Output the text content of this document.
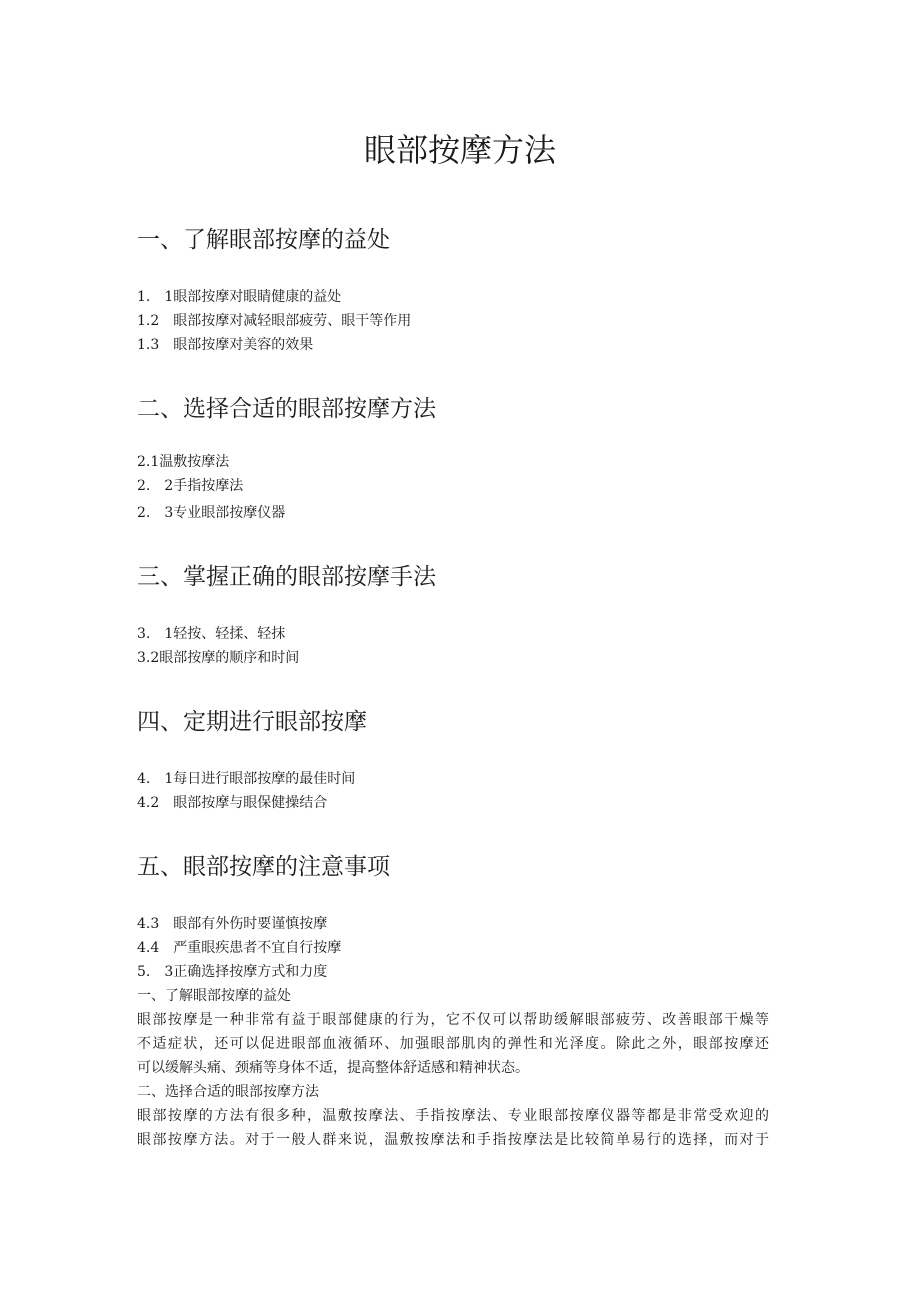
眼部按摩方法
一、了解眼部按摩的益处
1.　1眼部按摩对眼睛健康的益处
1.2　眼部按摩对减轻眼部疲劳、眼干等作用
1.3　眼部按摩对美容的效果
二、选择合适的眼部按摩方法
2.1温敷按摩法
2.　2手指按摩法
2.　3专业眼部按摩仪器
三、掌握正确的眼部按摩手法
3.　1轻按、轻揉、轻抹
3.2眼部按摩的顺序和时间
四、定期进行眼部按摩
4.　1每日进行眼部按摩的最佳时间
4.2　眼部按摩与眼保健操结合
五、眼部按摩的注意事项
4.3　眼部有外伤时要谨慎按摩
4.4　严重眼疾患者不宜自行按摩
5.　3正确选择按摩方式和力度
一、了解眼部按摩的益处
眼部按摩是一种非常有益于眼部健康的行为，它不仅可以帮助缓解眼部疲劳、改善眼部干燥等
不适症状，还可以促进眼部血液循环、加强眼部肌肉的弹性和光泽度。除此之外，眼部按摩还
可以缓解头痛、颈痛等身体不适，提高整体舒适感和精神状态。
二、选择合适的眼部按摩方法
眼部按摩的方法有很多种，温敷按摩法、手指按摩法、专业眼部按摩仪器等都是非常受欢迎的
眼部按摩方法。对于一般人群来说，温敷按摩法和手指按摩法是比较简单易行的选择，而对于
